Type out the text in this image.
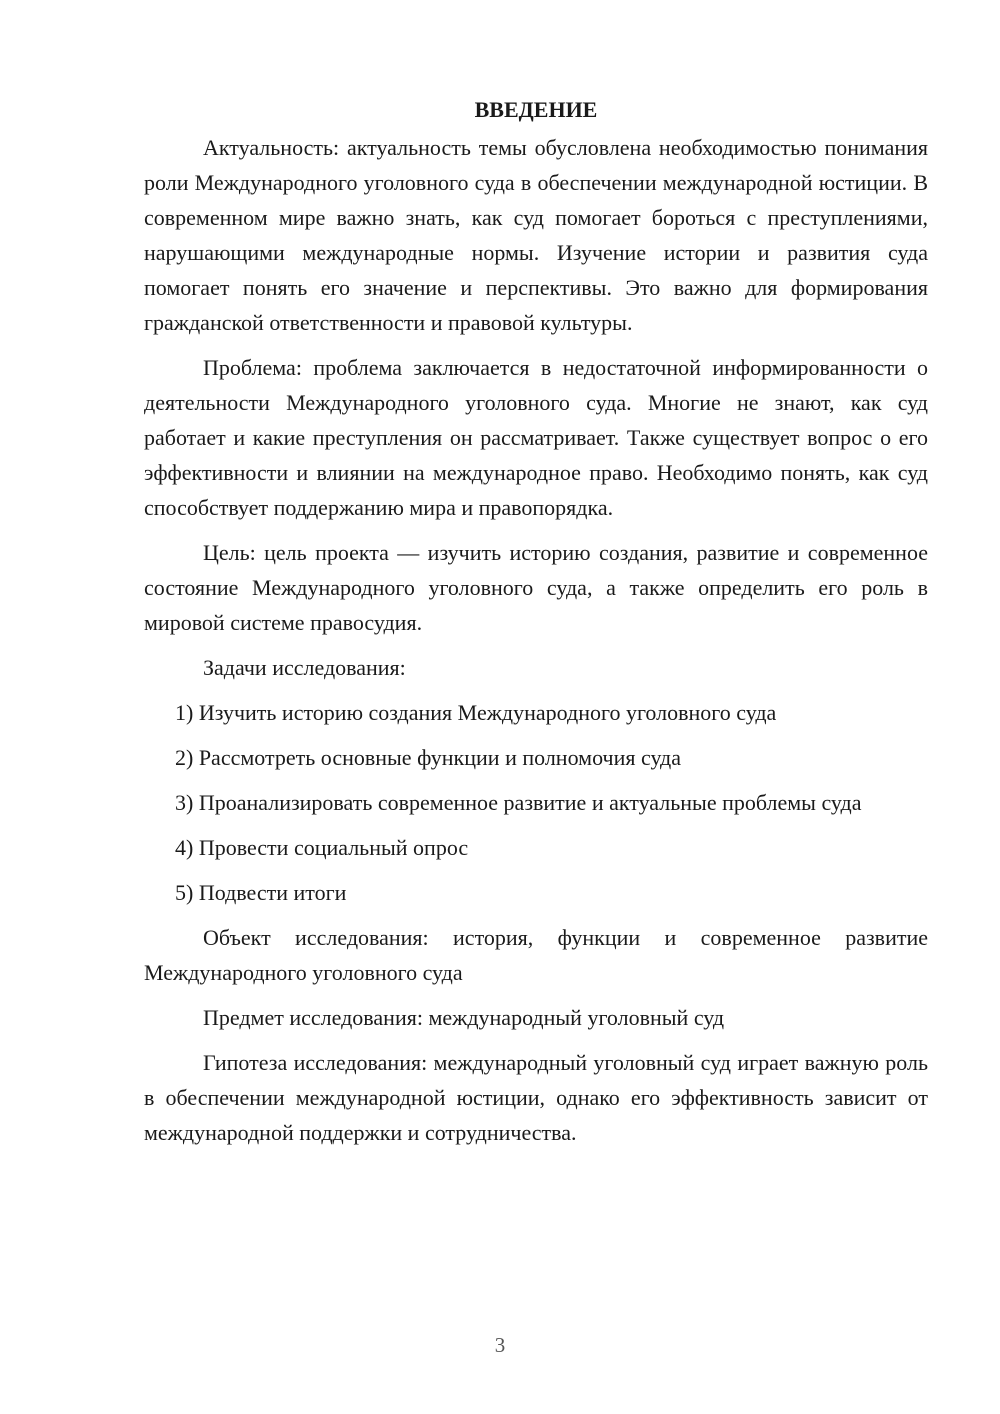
ВВЕДЕНИЕ

Актуальность: актуальность темы обусловлена необходимостью понимания роли Международного уголовного суда в обеспечении международной юстиции. В современном мире важно знать, как суд помогает бороться с преступлениями, нарушающими международные нормы. Изучение истории и развития суда помогает понять его значение и перспективы. Это важно для формирования гражданской ответственности и правовой культуры.

Проблема: проблема заключается в недостаточной информированности о деятельности Международного уголовного суда. Многие не знают, как суд работает и какие преступления он рассматривает. Также существует вопрос о его эффективности и влиянии на международное право. Необходимо понять, как суд способствует поддержанию мира и правопорядка.

Цель: цель проекта — изучить историю создания, развитие и современное состояние Международного уголовного суда, а также определить его роль в мировой системе правосудия.

Задачи исследования:

1) Изучить историю создания Международного уголовного суда

2) Рассмотреть основные функции и полномочия суда

3) Проанализировать современное развитие и актуальные проблемы суда

4) Провести социальный опрос

5) Подвести итоги

Объект исследования: история, функции и современное развитие Международного уголовного суда

Предмет исследования: международный уголовный суд

Гипотеза исследования: международный уголовный суд играет важную роль в обеспечении международной юстиции, однако его эффективность зависит от международной поддержки и сотрудничества.

3
